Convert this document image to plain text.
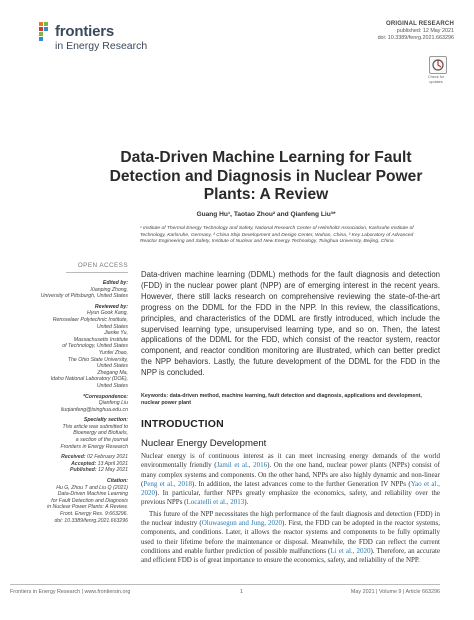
frontiers
in Energy Research
ORIGINAL RESEARCH
published: 12 May 2021
doi: 10.3389/fenrg.2021.663296
Check for
updates
Data-Driven Machine Learning for Fault Detection and Diagnosis in Nuclear Power Plants: A Review
Guang Hu¹, Taotao Zhou² and Qianfeng Liu³*
¹ Institute of Thermal Energy Technology and Safety, National Research Center of Helmholtz Association, Karlsruhe Institute of Technology, Karlsruhe, Germany, ² China Ship Development and Design Center, Wuhan, China, ³ Key Laboratory of Advanced Reactor Engineering and Safety, Institute of Nuclear and New Energy Technology, Tsinghua University, Beijing, China
OPEN ACCESS
Edited by:
Xianping Zhong,
University of Pittsburgh, United States
Reviewed by:
Hyun Gook Kang,
Rensselaer Polytechnic Institute,
United States
Jianke Yu,
Massachusetts Institute
of Technology, United States
Yunfei Zhao,
The Ohio State University,
United States
Zhegang Ma,
Idaho National Laboratory (DOE),
United States
*Correspondence:
Qianfeng Liu
liuqianfeng@tsinghua.edu.cn
Specialty section:
This article was submitted to
Bioenergy and Biofuels,
a section of the journal
Frontiers in Energy Research
Received: 02 February 2021
Accepted: 13 April 2021
Published: 12 May 2021
Citation:
Hu G, Zhou T and Liu Q (2021)
Data-Driven Machine Learning
for Fault Detection and Diagnosis
in Nuclear Power Plants: A Review.
Front. Energy Res. 9:663296.
doi: 10.3389/fenrg.2021.663296
Data-driven machine learning (DDML) methods for the fault diagnosis and detection (FDD) in the nuclear power plant (NPP) are of emerging interest in the recent years. However, there still lacks research on comprehensive reviewing the state-of-the-art progress on the DDML for the FDD in the NPP. In this review, the classifications, principles, and characteristics of the DDML are firstly introduced, which include the supervised learning type, unsupervised learning type, and so on. Then, the latest applications of the DDML for the FDD, which consist of the reactor system, reactor component, and reactor condition monitoring are illustrated, which can better predict the NPP behaviors. Lastly, the future development of the DDML for the FDD in the NPP is concluded.
Keywords: data-driven method, machine learning, fault detection and diagnosis, applications and development, nuclear power plant
INTRODUCTION
Nuclear Energy Development

Nuclear energy is of continuous interest as it can meet increasing energy demands of the world environmentally friendly (Jamil et al., 2016). On the one hand, nuclear power plants (NPPs) consist of many complex systems and components. On the other hand, NPPs are also highly dynamic and non-linear (Peng et al., 2018). In addition, the latest advances come to the further Generation IV NPPs (Yao et al., 2020). In particular, further NPPs greatly emphasize the economics, safety, and reliability over the previous NPPs (Locatelli et al., 2013).

This future of the NPP necessitates the high performance of the fault diagnosis and detection (FDD) in the nuclear industry (Oluwasegun and Jung, 2020). First, the FDD can be adopted in the reactor systems, components, and conditions. Later, it allows the reactor systems and components to be fully optimally used to their lifetime before the maintenance or disposal. Meanwhile, the FDD can reflect the current conditions and enable further prediction of possible malfunctions (Li et al., 2020). Therefore, an accurate and efficient FDD is of great importance to ensure the economics, safety, and reliability of the NPP.

Frontiers in Energy Research | www.frontiersin.org	1	May 2021 | Volume 9 | Article 663296
